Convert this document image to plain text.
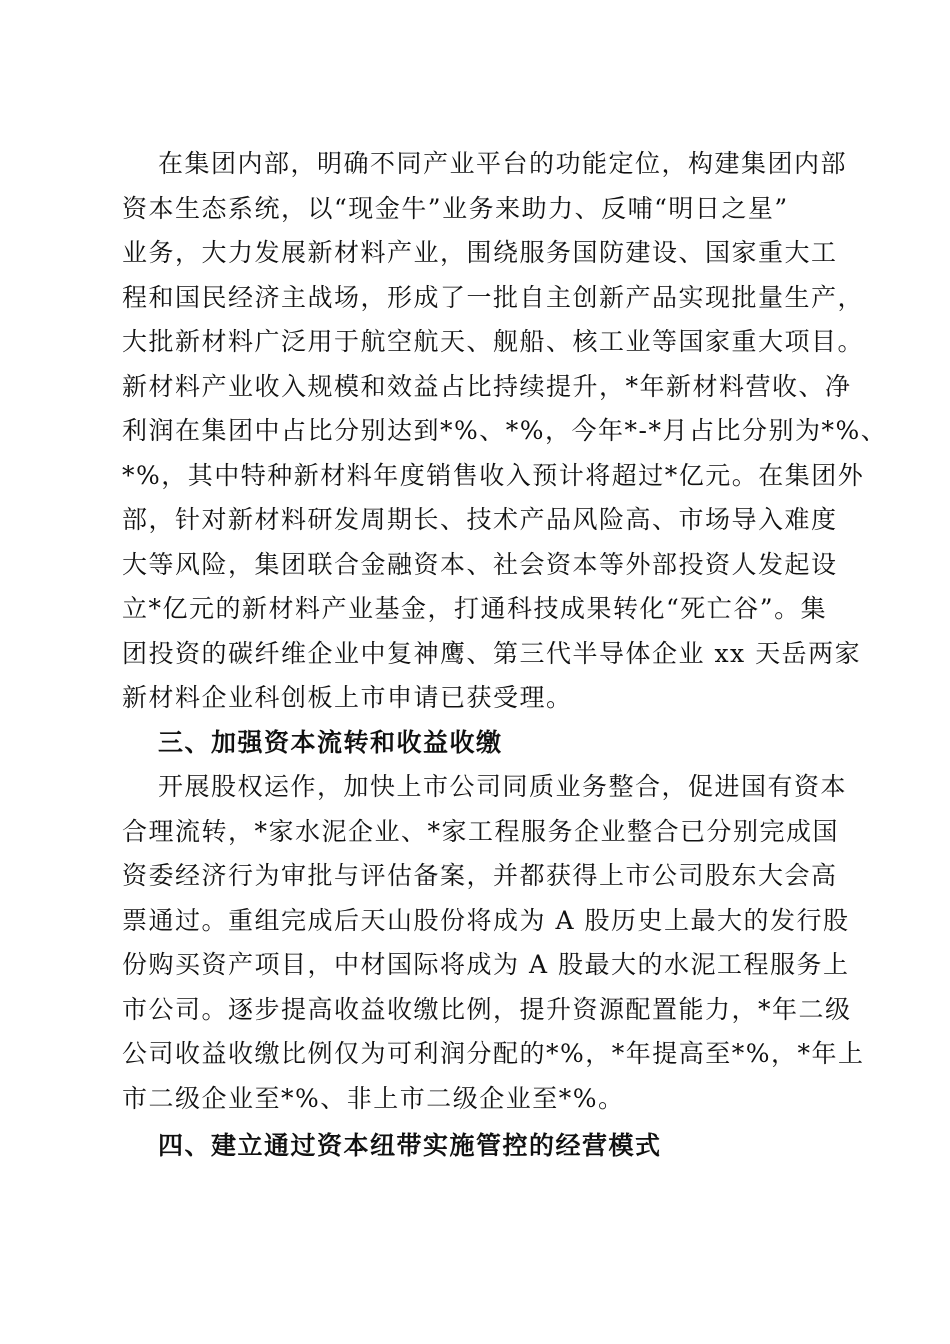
在集团内部，明确不同产业平台的功能定位，构建集团内部
资本生态系统，以“现金牛”业务来助力、反哺“明日之星”
业务，大力发展新材料产业，围绕服务国防建设、国家重大工
程和国民经济主战场，形成了一批自主创新产品实现批量生产，
大批新材料广泛用于航空航天、舰船、核工业等国家重大项目。
新材料产业收入规模和效益占比持续提升，*年新材料营收、净
利润在集团中占比分别达到*%、*%，今年*-*月占比分别为*%、
*%，其中特种新材料年度销售收入预计将超过*亿元。在集团外
部，针对新材料研发周期长、技术产品风险高、市场导入难度
大等风险，集团联合金融资本、社会资本等外部投资人发起设
立*亿元的新材料产业基金，打通科技成果转化“死亡谷”。集
团投资的碳纤维企业中复神鹰、第三代半导体企业 xx 天岳两家
新材料企业科创板上市申请已获受理。
三、加强资本流转和收益收缴
开展股权运作，加快上市公司同质业务整合，促进国有资本
合理流转，*家水泥企业、*家工程服务企业整合已分别完成国
资委经济行为审批与评估备案，并都获得上市公司股东大会高
票通过。重组完成后天山股份将成为 A 股历史上最大的发行股
份购买资产项目，中材国际将成为 A 股最大的水泥工程服务上
市公司。逐步提高收益收缴比例，提升资源配置能力，*年二级
公司收益收缴比例仅为可利润分配的*%，*年提高至*%，*年上
市二级企业至*%、非上市二级企业至*%。
四、建立通过资本纽带实施管控的经营模式
